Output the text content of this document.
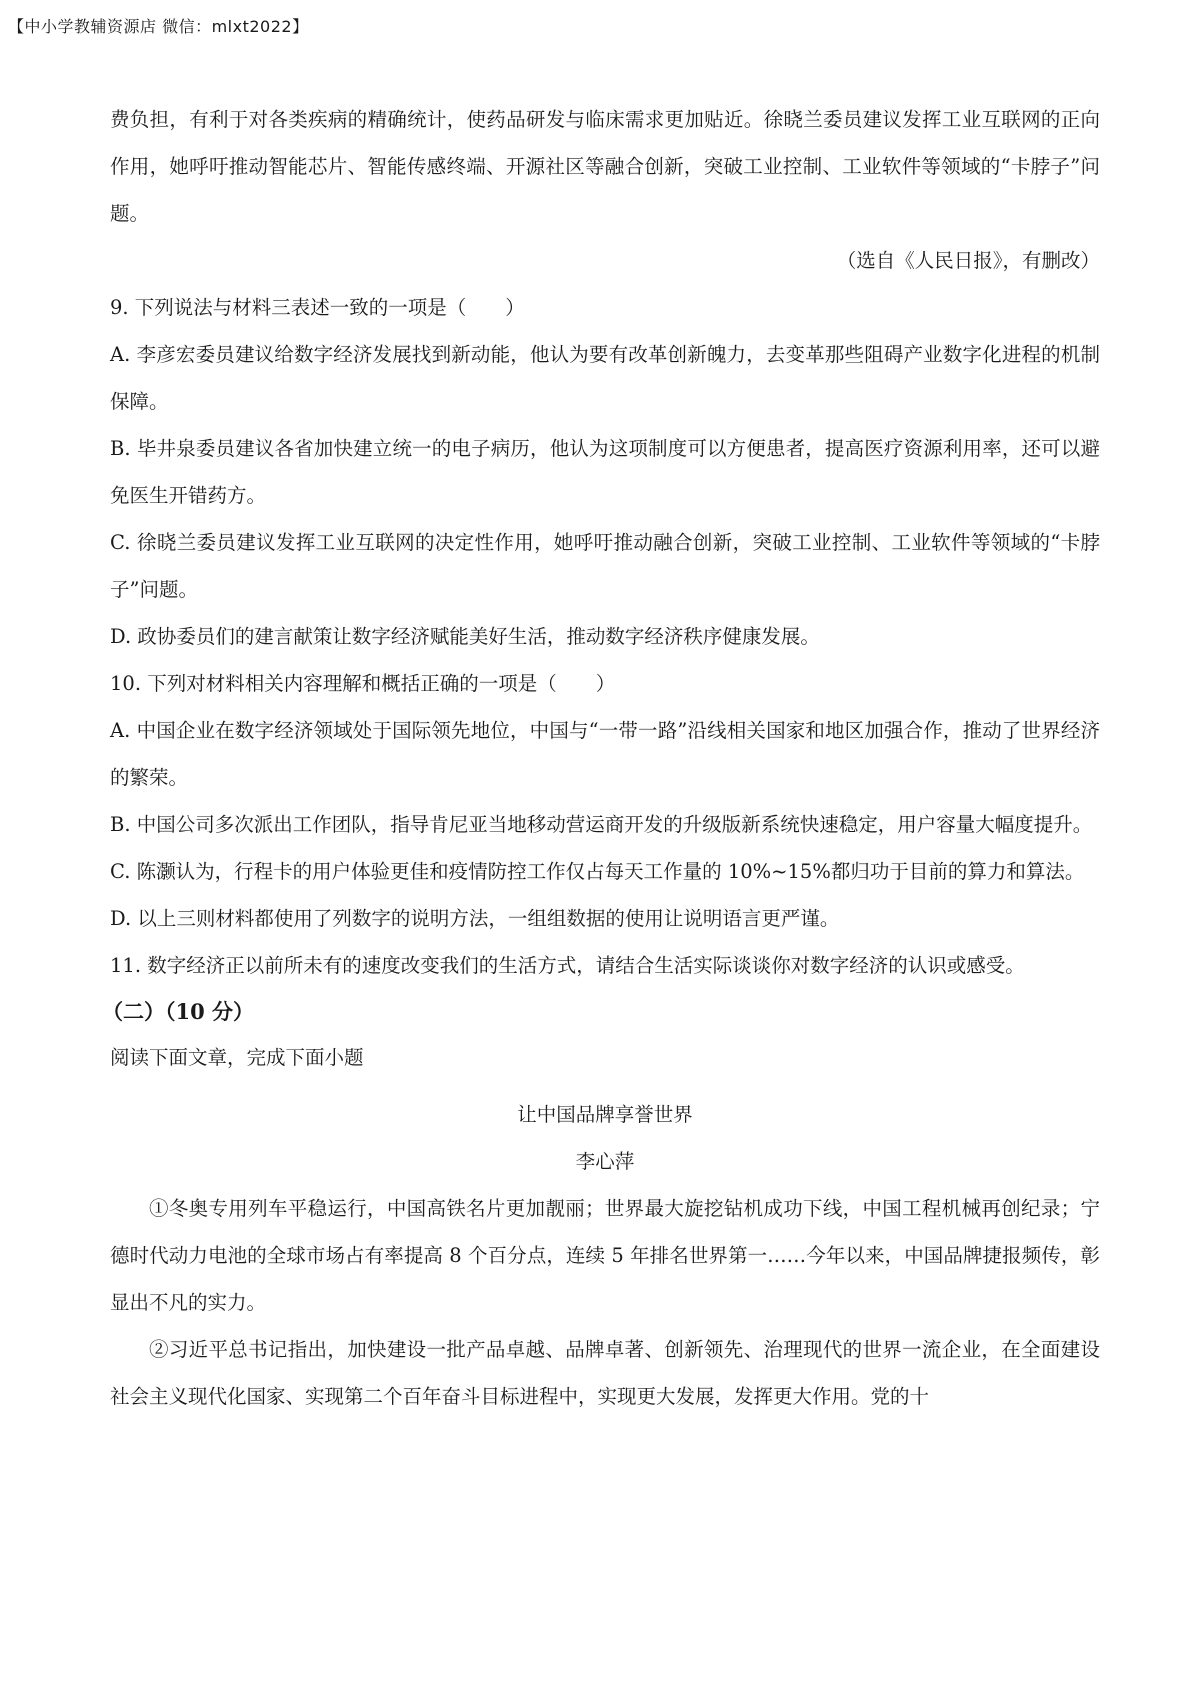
【中小学教辅资源店 微信：mlxt2022】

费负担，有利于对各类疾病的精确统计，使药品研发与临床需求更加贴近。徐晓兰委员建议发挥工业互联网的正向作用，她呼吁推动智能芯片、智能传感终端、开源社区等融合创新，突破工业控制、工业软件等领域的“卡脖子”问题。

（选自《人民日报》，有删改）

9. 下列说法与材料三表述一致的一项是（　　）

A. 李彦宏委员建议给数字经济发展找到新动能，他认为要有改革创新魄力，去变革那些阻碍产业数字化进程的机制保障。

B. 毕井泉委员建议各省加快建立统一的电子病历，他认为这项制度可以方便患者，提高医疗资源利用率，还可以避免医生开错药方。

C. 徐晓兰委员建议发挥工业互联网的决定性作用，她呼吁推动融合创新，突破工业控制、工业软件等领域的“卡脖子”问题。

D. 政协委员们的建言献策让数字经济赋能美好生活，推动数字经济秩序健康发展。

10. 下列对材料相关内容理解和概括正确的一项是（　　）

A. 中国企业在数字经济领域处于国际领先地位，中国与“一带一路”沿线相关国家和地区加强合作，推动了世界经济的繁荣。

B. 中国公司多次派出工作团队，指导肯尼亚当地移动营运商开发的升级版新系统快速稳定，用户容量大幅度提升。

C. 陈灏认为，行程卡的用户体验更佳和疫情防控工作仅占每天工作量的 10%~15%都归功于目前的算力和算法。

D. 以上三则材料都使用了列数字的说明方法，一组组数据的使用让说明语言更严谨。

11. 数字经济正以前所未有的速度改变我们的生活方式，请结合生活实际谈谈你对数字经济的认识或感受。

（二）（10 分）

阅读下面文章，完成下面小题

让中国品牌享誉世界

李心萍

①冬奥专用列车平稳运行，中国高铁名片更加靓丽；世界最大旋挖钻机成功下线，中国工程机械再创纪录；宁德时代动力电池的全球市场占有率提高 8 个百分点，连续 5 年排名世界第一……今年以来，中国品牌捷报频传，彰显出不凡的实力。

②习近平总书记指出，加快建设一批产品卓越、品牌卓著、创新领先、治理现代的世界一流企业，在全面建设社会主义现代化国家、实现第二个百年奋斗目标进程中，实现更大发展，发挥更大作用。党的十
